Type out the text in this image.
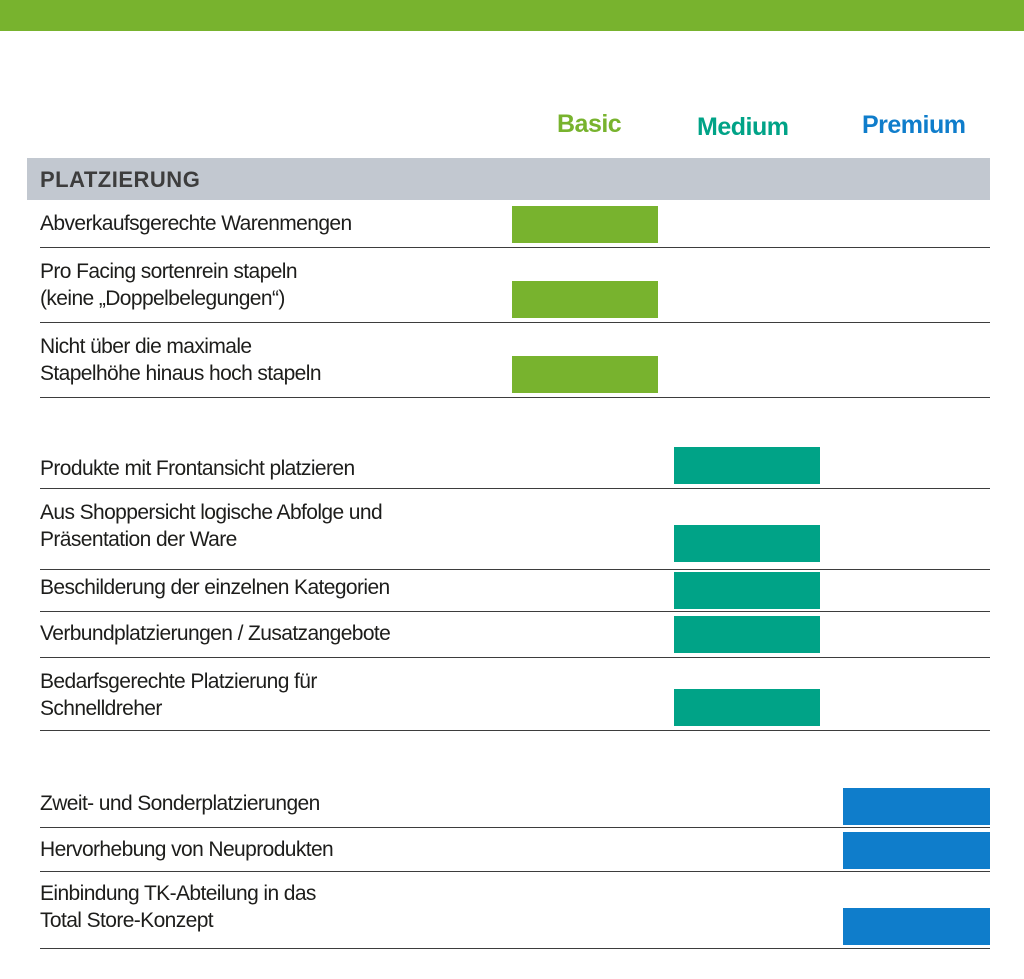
Basic	Medium	Premium
PLATZIERUNG
Abverkaufsgerechte Warenmengen
Pro Facing sortenrein stapeln
(keine „Doppelbelegungen“)
Nicht über die maximale
Stapelhöhe hinaus hoch stapeln
Produkte mit Frontansicht platzieren
Aus Shoppersicht logische Abfolge und
Präsentation der Ware
Beschilderung der einzelnen Kategorien
Verbundplatzierungen / Zusatzangebote
Bedarfsgerechte Platzierung für
Schnelldreher
Zweit- und Sonderplatzierungen
Hervorhebung von Neuprodukten
Einbindung TK-Abteilung in das
Total Store-Konzept
